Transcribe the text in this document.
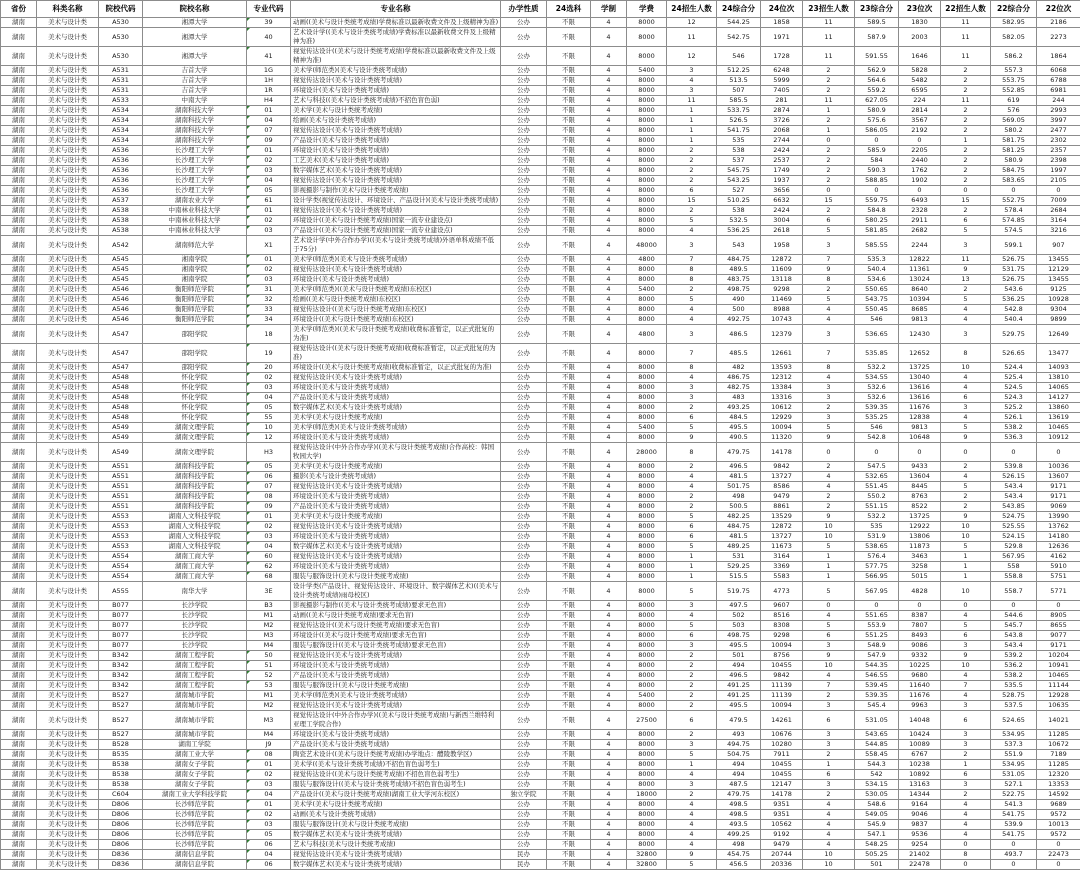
省份	科类名称	院校代码	院校名称	专业代码	专业名称	办学性质	24选科	学制	学费	24招生人数	24综合分	24位次	23招生人数	23综合分	23位次	22招生人数	22综合分	22位次
湖南	美术与设计类	A530	湘潭大学	39	动画((美术与设计类统考成绩)学费标准以最新收费文件及上级精神为准)	公办	不限	4	8000	12	544.25	1858	11	589.5	1830	11	582.95	2186
湖南	美术与设计类	A530	湘潭大学	40	艺术设计学((美术与设计类统考成绩)学费标准以最新收费文件及上级精神为准)	公办	不限	4	8000	11	542.75	1971	11	587.9	2003	11	582.05	2273
湖南	美术与设计类	A530	湘潭大学	41	视觉传达设计((美术与设计类统考成绩)学费标准以最新收费文件及上级精神为准)	公办	不限	4	8000	12	546	1728	11	591.55	1646	11	586.2	1864
湖南	美术与设计类	A531	吉首大学	1G	美术学(师范类)(美术与设计类统考成绩)	公办	不限	4	5400	3	512.25	6248	2	562.9	5828	2	557.3	6068
湖南	美术与设计类	A531	吉首大学	1H	视觉传达设计(美术与设计类统考成绩)	公办	不限	4	8000	4	513.5	5999	2	564.6	5482	2	553.75	6788
湖南	美术与设计类	A531	吉首大学	1R	环境设计(美术与设计类统考成绩)	公办	不限	4	8000	3	507	7405	2	559.2	6595	2	552.85	6981
湖南	美术与设计类	A533	中南大学	H4	艺术与科技((美术与设计类统考成绩)不招色盲色弱)	公办	不限	4	8000	11	585.5	281	11	627.05	224	11	619	244
湖南	美术与设计类	A534	湖南科技大学	01	美术学(美术与设计类统考成绩)	公办	不限	4	8000	1	533.75	2874	1	580.9	2814	2	576	2993
湖南	美术与设计类	A534	湖南科技大学	04	绘画(美术与设计类统考成绩)	公办	不限	4	8000	1	526.5	3726	2	575.6	3567	2	569.05	3997
湖南	美术与设计类	A534	湖南科技大学	07	视觉传达设计(美术与设计类统考成绩)	公办	不限	4	8000	1	541.75	2068	1	586.05	2192	2	580.2	2477
湖南	美术与设计类	A534	湖南科技大学	09	产品设计(美术与设计类统考成绩)	公办	不限	4	8000	1	535	2744	0	0	0	1	581.75	2302
湖南	美术与设计类	A536	长沙理工大学	01	环境设计(美术与设计类统考成绩)	公办	不限	4	8000	2	538	2424	2	585.9	2205	2	581.25	2357
湖南	美术与设计类	A536	长沙理工大学	02	工艺美术(美术与设计类统考成绩)	公办	不限	4	8000	2	537	2537	2	584	2440	2	580.9	2398
湖南	美术与设计类	A536	长沙理工大学	03	数字媒体艺术(美术与设计类统考成绩)	公办	不限	4	8000	2	545.75	1749	2	590.3	1762	2	584.75	1997
湖南	美术与设计类	A536	长沙理工大学	04	视觉传达设计(美术与设计类统考成绩)	公办	不限	4	8000	2	543.25	1937	2	588.85	1902	2	583.65	2105
湖南	美术与设计类	A536	长沙理工大学	05	影视摄影与制作(美术与设计类统考成绩)	公办	不限	4	8000	6	527	3656	0	0	0	0	0	0
湖南	美术与设计类	A537	湖南农业大学	61	设计学类(视觉传达设计、环境设计、产品设计)(美术与设计类统考成绩)	公办	不限	4	8000	15	510.25	6632	15	559.75	6493	15	552.75	7009
湖南	美术与设计类	A538	中南林业科技大学	01	视觉传达设计(美术与设计类统考成绩)	公办	不限	4	8000	2	538	2424	2	584.8	2328	2	578.4	2684
湖南	美术与设计类	A538	中南林业科技大学	02	环境设计((美术与设计类统考成绩)国家一流专业建设点)	公办	不限	4	8000	5	532.5	3004	6	580.25	2911	6	574.85	3164
湖南	美术与设计类	A538	中南林业科技大学	03	产品设计((美术与设计类统考成绩)国家一流专业建设点)	公办	不限	4	8000	4	536.25	2618	5	581.85	2682	5	574.5	3216
湖南	美术与设计类	A542	湖南师范大学	X1	艺术设计学(中外合作办学)((美术与设计类统考成绩)外语单科成绩不低于75分)	公办	不限	4	48000	3	543	1958	3	585.55	2244	3	599.1	907
湖南	美术与设计类	A545	湘南学院	01	美术学(师范类)(美术与设计类统考成绩)	公办	不限	4	4800	7	484.75	12872	7	535.3	12822	11	526.75	13455
湖南	美术与设计类	A545	湘南学院	02	视觉传达设计(美术与设计类统考成绩)	公办	不限	4	8000	8	489.5	11609	9	540.4	11361	9	531.75	12129
湖南	美术与设计类	A545	湘南学院	03	环境设计(美术与设计类统考成绩)	公办	不限	4	8000	8	483.75	13118	8	534.6	13024	13	526.75	13455
湖南	美术与设计类	A546	衡阳师范学院	31	美术学(师范类)((美术与设计类统考成绩)东校区)	公办	不限	4	5400	2	498.75	9298	2	550.65	8640	2	543.6	9125
湖南	美术与设计类	A546	衡阳师范学院	32	绘画((美术与设计类统考成绩)东校区)	公办	不限	4	8000	5	490	11469	5	543.75	10394	5	536.25	10928
湖南	美术与设计类	A546	衡阳师范学院	33	视觉传达设计((美术与设计类统考成绩)东校区)	公办	不限	4	8000	4	500	8988	4	550.45	8685	4	542.8	9304
湖南	美术与设计类	A546	衡阳师范学院	34	环境设计((美术与设计类统考成绩)东校区)	公办	不限	4	8000	4	492.75	10743	4	546	9813	4	540.4	9899
湖南	美术与设计类	A547	邵阳学院	18	美术学(师范类)((美术与设计类统考成绩)收费标准暂定，以正式批复的为准)	公办	不限	4	4800	3	486.5	12379	3	536.65	12430	3	529.75	12649
湖南	美术与设计类	A547	邵阳学院	19	视觉传达设计((美术与设计类统考成绩)收费标准暂定，以正式批复的为准)	公办	不限	4	8000	7	485.5	12661	7	535.85	12652	8	526.65	13477
湖南	美术与设计类	A547	邵阳学院	20	环境设计((美术与设计类统考成绩)收费标准暂定，以正式批复的为准)	公办	不限	4	8000	8	482	13593	8	532.2	13725	10	524.4	14093
湖南	美术与设计类	A548	怀化学院	02	视觉传达设计(美术与设计类统考成绩)	公办	不限	4	8000	4	486.75	12312	4	534.55	13040	4	525.4	13810
湖南	美术与设计类	A548	怀化学院	03	环境设计(美术与设计类统考成绩)	公办	不限	4	8000	3	482.75	13384	3	532.6	13616	4	524.5	14065
湖南	美术与设计类	A548	怀化学院	04	产品设计(美术与设计类统考成绩)	公办	不限	4	8000	3	483	13316	3	532.6	13616	6	524.3	14127
湖南	美术与设计类	A548	怀化学院	05	数字媒体艺术(美术与设计类统考成绩)	公办	不限	4	8000	2	493.25	10612	2	539.35	11676	3	525.2	13860
湖南	美术与设计类	A548	怀化学院	55	美术学(美术与设计类统考成绩)	公办	不限	4	8000	6	484.5	12929	3	535.25	12838	4	526.1	13619
湖南	美术与设计类	A549	湖南文理学院	10	美术学(师范类)(美术与设计类统考成绩)	公办	不限	4	5400	5	495.5	10094	5	546	9813	5	538.2	10465
湖南	美术与设计类	A549	湖南文理学院	12	环境设计(美术与设计类统考成绩)	公办	不限	4	8000	9	490.5	11320	9	542.8	10648	9	536.3	10912
湖南	美术与设计类	A549	湖南文理学院	H3	视觉传达设计(中外合作办学)((美术与设计类统考成绩)合作高校：韩国牧园大学)	公办	不限	4	28000	8	479.75	14178	0	0	0	0	0	0
湖南	美术与设计类	A551	湖南科技学院	05	美术学(美术与设计类统考成绩)	公办	不限	4	8000	2	496.5	9842	2	547.5	9433	2	539.8	10036
湖南	美术与设计类	A551	湖南科技学院	06	摄影(美术与设计类统考成绩)	公办	不限	4	8000	4	481.5	13727	4	532.65	13604	4	526.15	13607
湖南	美术与设计类	A551	湖南科技学院	07	视觉传达设计(美术与设计类统考成绩)	公办	不限	4	8000	4	501.75	8586	4	551.45	8445	5	543.4	9171
湖南	美术与设计类	A551	湖南科技学院	08	环境设计(美术与设计类统考成绩)	公办	不限	4	8000	2	498	9479	2	550.2	8763	2	543.4	9171
湖南	美术与设计类	A551	湖南科技学院	09	产品设计(美术与设计类统考成绩)	公办	不限	4	8000	2	500.5	8861	2	551.15	8522	2	543.85	9069
湖南	美术与设计类	A553	湖南人文科技学院	01	美术学(美术与设计类统考成绩)	公办	不限	4	8000	5	482.25	13529	9	532.2	13725	9	524.75	13990
湖南	美术与设计类	A553	湖南人文科技学院	02	视觉传达设计(美术与设计类统考成绩)	公办	不限	4	8000	6	484.75	12872	10	535	12922	10	525.55	13762
湖南	美术与设计类	A553	湖南人文科技学院	03	环境设计(美术与设计类统考成绩)	公办	不限	4	8000	6	481.5	13727	10	531.9	13806	10	524.15	14180
湖南	美术与设计类	A553	湖南人文科技学院	04	数字媒体艺术(美术与设计类统考成绩)	公办	不限	4	8000	5	489.25	11673	5	538.65	11873	5	529.8	12636
湖南	美术与设计类	A554	湖南工商大学	60	视觉传达设计(美术与设计类统考成绩)	公办	不限	4	8000	1	531	3164	1	576.4	3463	1	567.95	4162
湖南	美术与设计类	A554	湖南工商大学	62	环境设计(美术与设计类统考成绩)	公办	不限	4	8000	1	529.25	3369	1	577.75	3258	1	558	5910
湖南	美术与设计类	A554	湖南工商大学	68	服装与服饰设计(美术与设计类统考成绩)	公办	不限	4	8000	1	515.5	5583	1	566.95	5015	1	558.8	5751
湖南	美术与设计类	A555	南华大学	3E	设计学类(产品设计、视觉传达设计、环境设计、数字媒体艺术)((美术与设计类统考成绩)雨母校区)	公办	不限	4	8000	5	519.75	4773	5	567.95	4828	10	558.7	5771
湖南	美术与设计类	B077	长沙学院	B3	影视摄影与制作((美术与设计类统考成绩)要求无色盲)	公办	不限	4	8000	3	497.5	9607	0	0	0	0	0	0
湖南	美术与设计类	B077	长沙学院	M1	动画((美术与设计类统考成绩)要求无色盲)	公办	不限	4	8000	4	502	8516	4	551.65	8387	4	544.6	8905
湖南	美术与设计类	B077	长沙学院	M2	视觉传达设计((美术与设计类统考成绩)要求无色盲)	公办	不限	4	8000	5	503	8308	5	553.9	7807	5	545.7	8655
湖南	美术与设计类	B077	长沙学院	M3	环境设计((美术与设计类统考成绩)要求无色盲)	公办	不限	4	8000	6	498.75	9298	6	551.25	8493	6	543.8	9077
湖南	美术与设计类	B077	长沙学院	M4	服装与服饰设计((美术与设计类统考成绩)要求无色盲)	公办	不限	4	8000	3	495.5	10094	3	548.9	9086	3	543.4	9171
湖南	美术与设计类	B342	湖南工程学院	50	视觉传达设计(美术与设计类统考成绩)	公办	不限	4	8000	2	501	8756	9	547.9	9332	9	539.2	10204
湖南	美术与设计类	B342	湖南工程学院	51	环境设计(美术与设计类统考成绩)	公办	不限	4	8000	2	494	10455	10	544.35	10225	10	536.2	10941
湖南	美术与设计类	B342	湖南工程学院	52	产品设计(美术与设计类统考成绩)	公办	不限	4	8000	2	496.5	9842	4	546.55	9680	4	538.2	10465
湖南	美术与设计类	B342	湖南工程学院	53	服装与服饰设计(美术与设计类统考成绩)	公办	不限	4	8000	2	491.25	11139	7	539.45	11640	7	535.5	11144
湖南	美术与设计类	B527	湖南城市学院	M1	美术学(师范类)(美术与设计类统考成绩)	公办	不限	4	5400	2	491.25	11139	2	539.35	11676	4	528.75	12928
湖南	美术与设计类	B527	湖南城市学院	M2	视觉传达设计(美术与设计类统考成绩)	公办	不限	4	8000	2	495.5	10094	3	545.4	9963	3	537.5	10635
湖南	美术与设计类	B527	湖南城市学院	M3	视觉传达设计(中外合作办学)((美术与设计类统考成绩)与新西兰维特利亚理工学院合作)	公办	不限	4	27500	6	479.5	14261	6	531.05	14048	6	524.65	14021
湖南	美术与设计类	B527	湖南城市学院	M4	环境设计(美术与设计类统考成绩)	公办	不限	4	8000	2	493	10676	3	543.65	10424	3	534.95	11285
湖南	美术与设计类	B528	湖南工学院	J9	产品设计(美术与设计类统考成绩)	公办	不限	4	8000	3	494.75	10280	3	544.85	10089	3	537.3	10672
湖南	美术与设计类	B535	湖南工业大学	08	陶瓷艺术设计((美术与设计类统考成绩)办学地点：醴陵教学区)	公办	不限	4	8000	5	504.75	7911	2	558.45	6767	2	551.9	7189
湖南	美术与设计类	B538	湖南女子学院	01	美术学((美术与设计类统考成绩)不招色盲色弱考生)	公办	不限	4	8000	1	494	10455	1	544.3	10238	1	534.95	11285
湖南	美术与设计类	B538	湖南女子学院	02	视觉传达设计((美术与设计类统考成绩)不招色盲色弱考生)	公办	不限	4	8000	4	494	10455	6	542	10892	6	531.05	12320
湖南	美术与设计类	B538	湖南女子学院	03	服装与服饰设计((美术与设计类统考成绩)不招色盲色弱考生)	公办	不限	4	8000	3	487.5	12147	3	534.15	13163	3	527.1	13353
湖南	美术与设计类	C604	湖南工业大学科技学院	04	产品设计((美术与设计类统考成绩)湖南工业大学河东校区)	独立学院	不限	4	18000	2	479.75	14178	2	530.05	14344	2	522.75	14592
湖南	美术与设计类	D806	长沙师范学院	01	美术学(美术与设计类统考成绩)	公办	不限	4	8000	4	498.5	9351	4	548.6	9164	4	541.3	9689
湖南	美术与设计类	D806	长沙师范学院	02	动画(美术与设计类统考成绩)	公办	不限	4	8000	4	498.5	9351	4	549.05	9046	4	541.75	9572
湖南	美术与设计类	D806	长沙师范学院	03	服装与服饰设计(美术与设计类统考成绩)	公办	不限	4	8000	4	493.5	10562	4	545.9	9837	4	539.9	10013
湖南	美术与设计类	D806	长沙师范学院	05	数字媒体艺术(美术与设计类统考成绩)	公办	不限	4	8000	4	499.25	9192	4	547.1	9536	4	541.75	9572
湖南	美术与设计类	D806	长沙师范学院	06	艺术与科技(美术与设计类统考成绩)	公办	不限	4	8000	4	498	9479	4	548.25	9254	0	0	0
湖南	美术与设计类	D836	湖南信息学院	04	视觉传达设计(美术与设计类统考成绩)	民办	不限	4	32800	9	454.75	20744	10	505.25	21402	8	493.7	22473
湖南	美术与设计类	D836	湖南信息学院	06	数字媒体艺术(美术与设计类统考成绩)	民办	不限	4	32800	5	456.5	20336	10	501	22478	0	0	0
